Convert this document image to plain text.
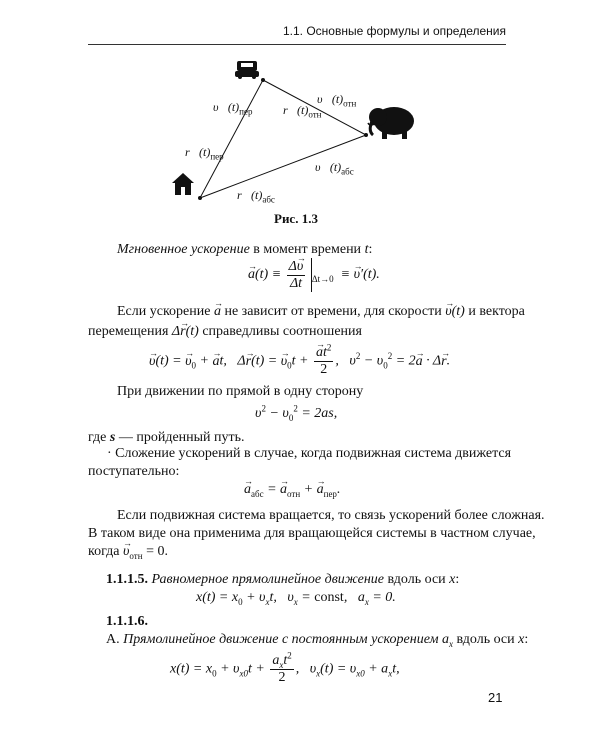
1.1. Основные формулы и определения
$\upsilon⃗(t)_{пер}$	$r⃗(t)_{отн}$
$\upsilon⃗(t)_{отн}$
$r⃗(t)_{пер}$
$\upsilon⃗(t)_{абс}$
$r⃗(t)_{абс}$
Рис. 1.3
Мгновенное ускорение в момент времени t:
→ $a(t) \equiv \frac{\Delta\to \upsilon}{\Delta t} _{\Delta t\to 0}$  ≡ → υ′(t).
Если ускорение → a не зависит от времени, для скорости → υ(t) и вектора
перемещения Δ→ r(t) справедливы соотношения
→ υ(t) = → $\upsilon_0$ + → at,   Δ→ r(t) = → $\upsilon_0t$ +
→ $\frac{at^2}{2}$ ,   $\upsilon^2 - \upsilon_0^2 = 2\to a \cdot \Delta\to r$.
При движении по прямой в одну сторону
$\upsilon^2 - \upsilon_0^2 = 2as$,
где s — пройденный путь.
· Сложение ускорений в случае, когда подвижная система движется
поступательно:
→ $a_{абс}$ = → $a_{отн}$ + → $a_{пер}$.
Если подвижная система вращается, то связь ускорений более сложная.
В таком виде она применима для вращающейся системы в частном случае,
когда → $\upsilon_{отн} = 0$.
1.1.1.5. Равномерное прямолинейное движение вдоль оси x:
$x(t) = x_0 + \upsilon_xt$,   $\upsilon_x$ = const,   $a_x = 0$.
1.1.1.6.
А. Прямолинейное движение с постоянным ускорением $a_x$ вдоль оси x:
$x(t) = x_0 + \upsilon_{x0}t + \frac{a_xt^2}{2}$ ,   $\upsilon_x(t) = \upsilon_{x0} + a_xt$,
21
